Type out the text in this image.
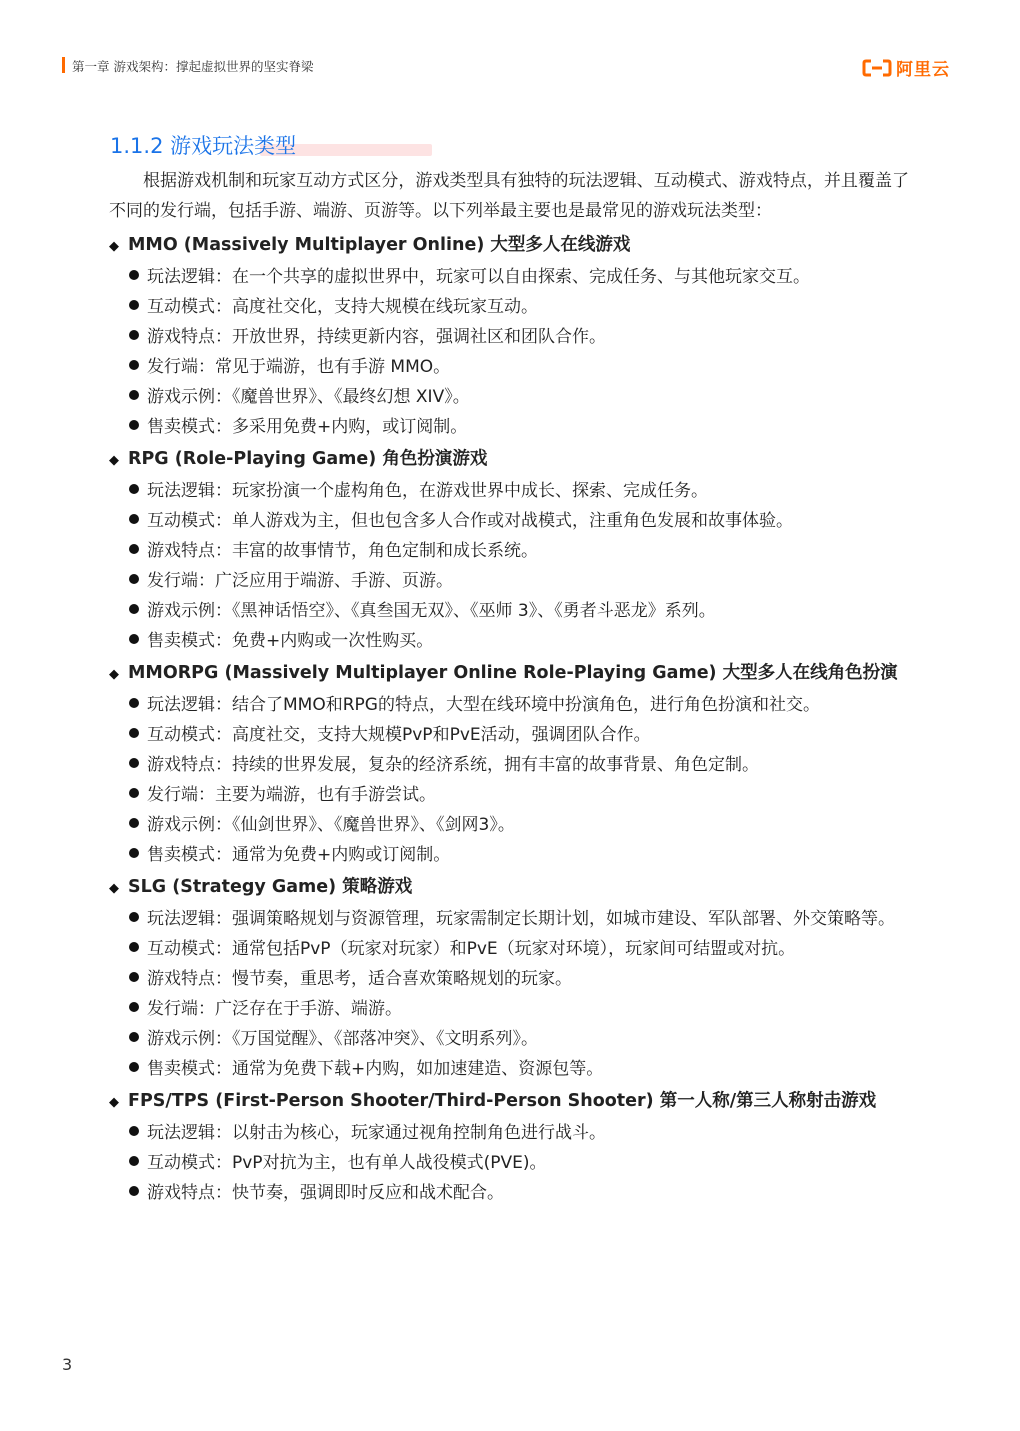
第一章 游戏架构：撑起虚拟世界的坚实脊梁	阿里云
1.1.2 游戏玩法类型

根据游戏机制和玩家互动方式区分，游戏类型具有独特的玩法逻辑、互动模式、游戏特点，并且覆盖了不同的发行端，包括手游、端游、页游等。以下列举最主要也是最常见的游戏玩法类型：

◆ MMO (Massively Multiplayer Online) 大型多人在线游戏
玩法逻辑：在一个共享的虚拟世界中，玩家可以自由探索、完成任务、与其他玩家交互。
互动模式：高度社交化，支持大规模在线玩家互动。
游戏特点：开放世界，持续更新内容，强调社区和团队合作。
发行端：常见于端游，也有手游 MMO。
游戏示例：《魔兽世界》、《最终幻想 XIV》。
售卖模式：多采用免费+内购，或订阅制。
◆ RPG (Role-Playing Game) 角色扮演游戏
玩法逻辑：玩家扮演一个虚构角色，在游戏世界中成长、探索、完成任务。
互动模式：单人游戏为主，但也包含多人合作或对战模式，注重角色发展和故事体验。
游戏特点：丰富的故事情节，角色定制和成长系统。
发行端：广泛应用于端游、手游、页游。
游戏示例：《黑神话悟空》、《真叁国无双》、《巫师 3》、《勇者斗恶龙》系列。
售卖模式：免费+内购或一次性购买。
◆ MMORPG (Massively Multiplayer Online Role-Playing Game) 大型多人在线角色扮演
玩法逻辑：结合了MMO和RPG的特点，大型在线环境中扮演角色，进行角色扮演和社交。
互动模式：高度社交，支持大规模PvP和PvE活动，强调团队合作。
游戏特点：持续的世界发展，复杂的经济系统，拥有丰富的故事背景、角色定制。
发行端：主要为端游，也有手游尝试。
游戏示例：《仙剑世界》、《魔兽世界》、《剑网3》。
售卖模式：通常为免费+内购或订阅制。
◆ SLG (Strategy Game) 策略游戏
玩法逻辑：强调策略规划与资源管理，玩家需制定长期计划，如城市建设、军队部署、外交策略等。
互动模式：通常包括PvP（玩家对玩家）和PvE（玩家对环境），玩家间可结盟或对抗。
游戏特点：慢节奏，重思考，适合喜欢策略规划的玩家。
发行端：广泛存在于手游、端游。
游戏示例：《万国觉醒》、《部落冲突》、《文明系列》。
售卖模式：通常为免费下载+内购，如加速建造、资源包等。
◆ FPS/TPS (First-Person Shooter/Third-Person Shooter) 第一人称/第三人称射击游戏
玩法逻辑：以射击为核心，玩家通过视角控制角色进行战斗。
互动模式：PvP对抗为主，也有单人战役模式(PVE)。
游戏特点：快节奏，强调即时反应和战术配合。
3
